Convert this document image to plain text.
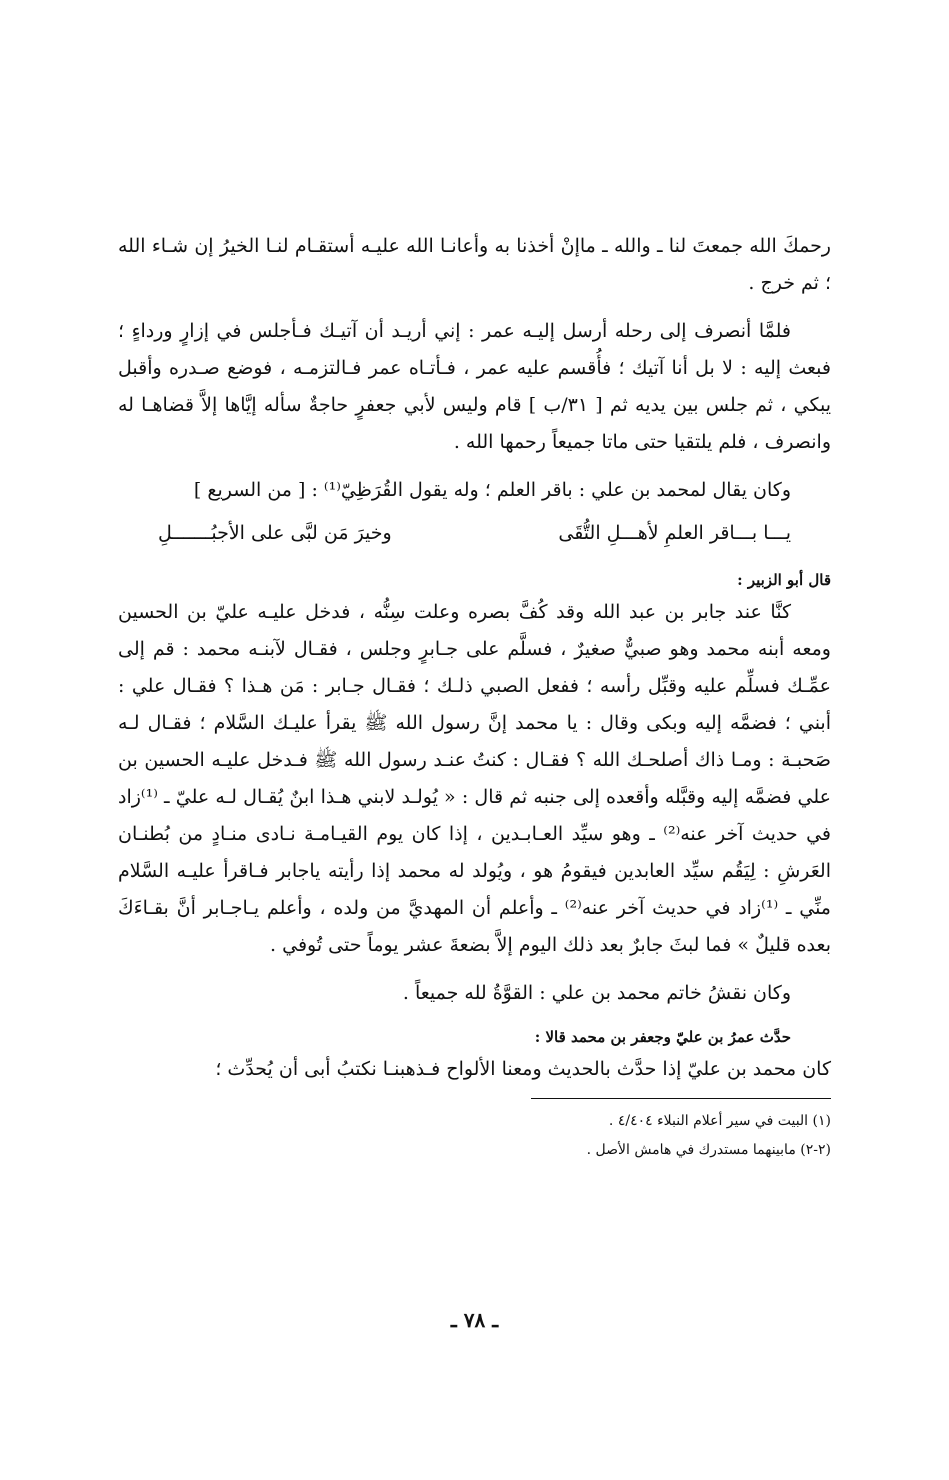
رحمكَ الله جمعتَ لنا ـ والله ـ ماإنْ أخذنا به وأعانـا الله عليـه أستقـام لنـا الخيرُ إن شـاء الله ؛ ثم خرج .

فلمَّا أنصرف إلى رحله أرسل إليـه عمر : إني أريـد أن آتيـك فـأجلس في إزارٍ ورداءٍ ؛ فبعث إليه : لا بل أنا آتيك ؛ فأُقسم عليه عمر ، فـأتـاه عمر فـالتزمـه ، فوضع صـدره وأقبل يبكي ، ثم جلس بين يديه ثم [ ٣١/ب ] قام وليس لأبي جعفرٍ حاجةٌ سأله إيَّاها إلاَّ قضاهـا له وانصرف ، فلم يلتقيا حتى ماتا جميعاً رحمها الله .

وكان يقال لمحمد بن علي : باقر العلم ؛ وله يقول القُرَظِيّ⁽¹⁾ : [ من السريع ]

يـــا بـــاقر العلمِ لأهـــلِ التُّقَى
وخيرَ مَن لبَّى على الأجبُـــــــلِ

قال أبو الزبير :

كنَّا عند جابر بن عبد الله وقد كُفَّ بصره وعلت سِنُّه ، فدخل عليـه عليّ بن الحسين ومعه أبنه محمد وهو صبيٌّ صغيرٌ ، فسلَّم على جـابرٍ وجلس ، فقـال لآبنـه محمد : قم إلى عمِّـك فسلِّم عليه وقبِّل رأسه ؛ ففعل الصبي ذلـك ؛ فقـال جـابر : مَن هـذا ؟ فقـال علي : أبني ؛ فضمَّه إليه وبكى وقال : يا محمد إنَّ رسول الله ﷺ يقرأ عليـك السَّلام ؛ فقـال لـه صَحبـة : ومـا ذاك أصلحـك الله ؟ فقـال : كنتُ عنـد رسول الله ﷺ فـدخل عليـه الحسين بن علي فضمَّه إليه وقبَّله وأقعده إلى جنبه ثم قال : « يُولـد لابني هـذا ابنٌ يُقـال لـه عليّ ـ ⁽¹⁾زاد في حديث آخر عنه⁽²⁾ ـ وهو سيِّد العـابـدين ، إذا كان يوم القيـامـة نـادى منـادٍ من بُطنـان العَرشِ : لِيَقُم سيِّد العابدين فيقومُ هو ، ويُولد له محمد إذا رأيته ياجابر فـاقرأ عليـه السَّلام منِّي ـ ⁽¹⁾زاد في حديث آخر عنه⁽²⁾ ـ وأعلم أن المهديَّ من ولده ، وأعلم يـاجـابر أنَّ بقـاءَكَ بعده قليلٌ » فما لبثَ جابرٌ بعد ذلك اليوم إلاَّ بضعةَ عشر يوماً حتى تُوفي .

وكان نقشُ خاتم محمد بن علي : القوَّةُ لله جميعاً .

حدَّث عمرُ بن عليّ وجعفر بن محمد قالا :

كان محمد بن عليّ إذا حدَّث بالحديث ومعنا الألواح فـذهبنـا نكتبُ أبى أن يُحدِّث ؛

(١) البيت في سير أعلام النبلاء ٤/٤٠٤ .

(٢-٢) مابينهما مستدرك في هامش الأصل .

ـ ٧٨ ـ
